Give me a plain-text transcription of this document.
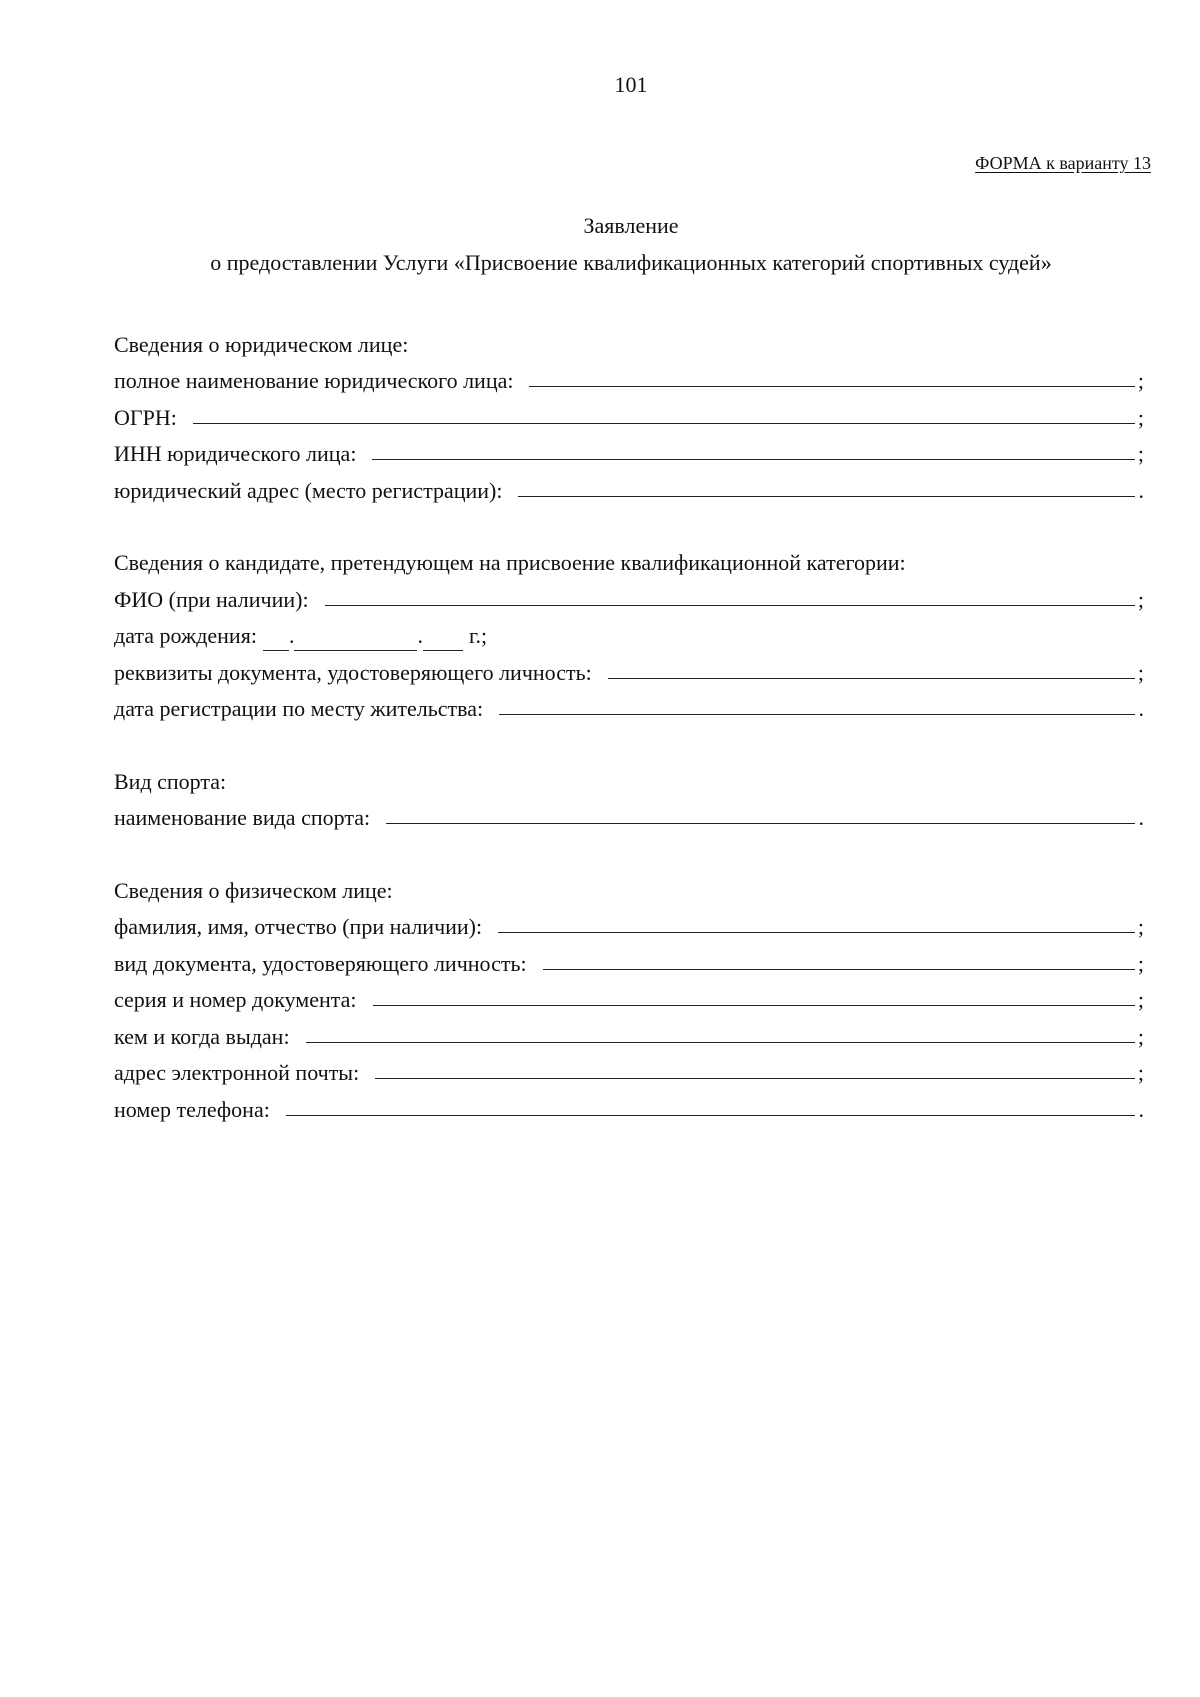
101
ФОРМА к варианту 13
Заявление
о предоставлении Услуги «Присвоение квалификационных категорий спортивных судей»
Сведения о юридическом лице:
полное наименование юридического лица:	;
ОГРН:	;
ИНН юридического лица:	;
юридический адрес (место регистрации):	.
Сведения о кандидате, претендующем на присвоение квалификационной категории:
ФИО (при наличии):	;
дата рождения: .	. г.;
реквизиты документа, удостоверяющего личность:	;
дата регистрации по месту жительства:	.
Вид спорта:
наименование вида спорта:	.
Сведения о физическом лице:
фамилия, имя, отчество (при наличии):	;
вид документа, удостоверяющего личность:	;
серия и номер документа:	;
кем и когда выдан:	;
адрес электронной почты:	;
номер телефона:	.
